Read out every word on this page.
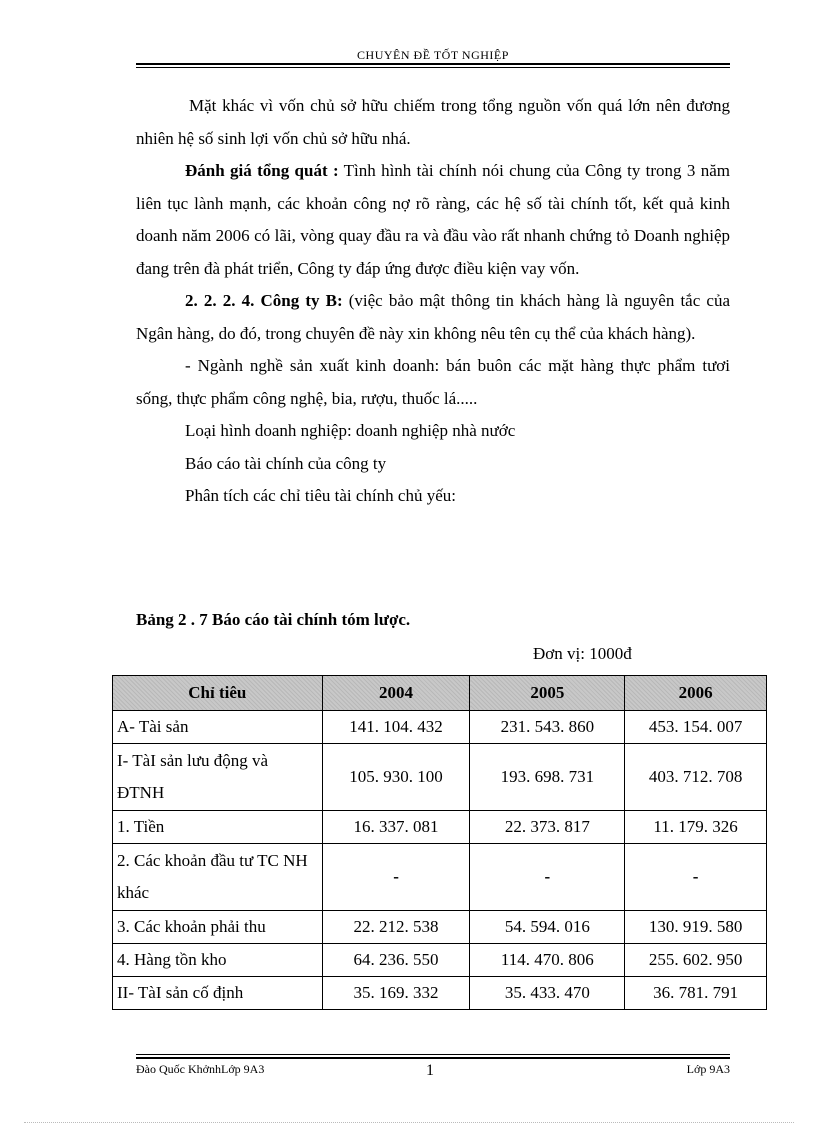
CHUYÊN ĐỀ TỐT NGHIỆP

Mặt khác vì vốn chủ sở hữu chiếm trong tổng nguồn vốn quá lớn nên đương nhiên hệ số sinh lợi vốn chủ sở hữu nhá.

Đánh giá tổng quát : Tình hình tài chính nói chung của Công ty trong 3 năm liên tục lành mạnh, các khoản công nợ rõ ràng, các hệ số tài chính tốt, kết quả kinh doanh năm 2006 có lãi, vòng quay đầu ra và đầu vào rất nhanh chứng tỏ Doanh nghiệp đang trên đà phát triển, Công ty đáp ứng được điều kiện vay vốn.

2. 2. 2. 4. Công ty B: (việc bảo mật thông tin khách hàng là nguyên tắc của Ngân hàng, do đó, trong chuyên đề này xin không nêu tên cụ thể của khách hàng).

- Ngành nghề sản xuất kinh doanh: bán buôn các mặt hàng thực phẩm tươi sống, thực phẩm công nghệ, bia, rượu, thuốc lá.....

Loại hình doanh nghiệp: doanh nghiệp nhà nước

Báo cáo tài chính của công ty

Phân tích các chỉ tiêu tài chính chủ yếu:

Bảng 2 . 7 Báo cáo tài chính tóm lược.
Đơn vị: 1000đ
Chỉ tiêu	2004	2005	2006
A- Tài sản	141. 104. 432	231. 543. 860	453. 154. 007
I- TàI sản lưu động và ĐTNH	105. 930. 100	193. 698. 731	403. 712. 708
1. Tiền	16. 337. 081	22. 373. 817	11. 179. 326
2. Các khoản đầu tư TC NH khác	-	-	-
3. Các khoản phải thu	22. 212. 538	54. 594. 016	130. 919. 580
4. Hàng tồn kho	64. 236. 550	114. 470. 806	255. 602. 950
II- TàI sản cố định	35. 169. 332	35. 433. 470	36. 781. 791
Đào Quốc KhởnhLớp 9A3	1	Lớp 9A3
